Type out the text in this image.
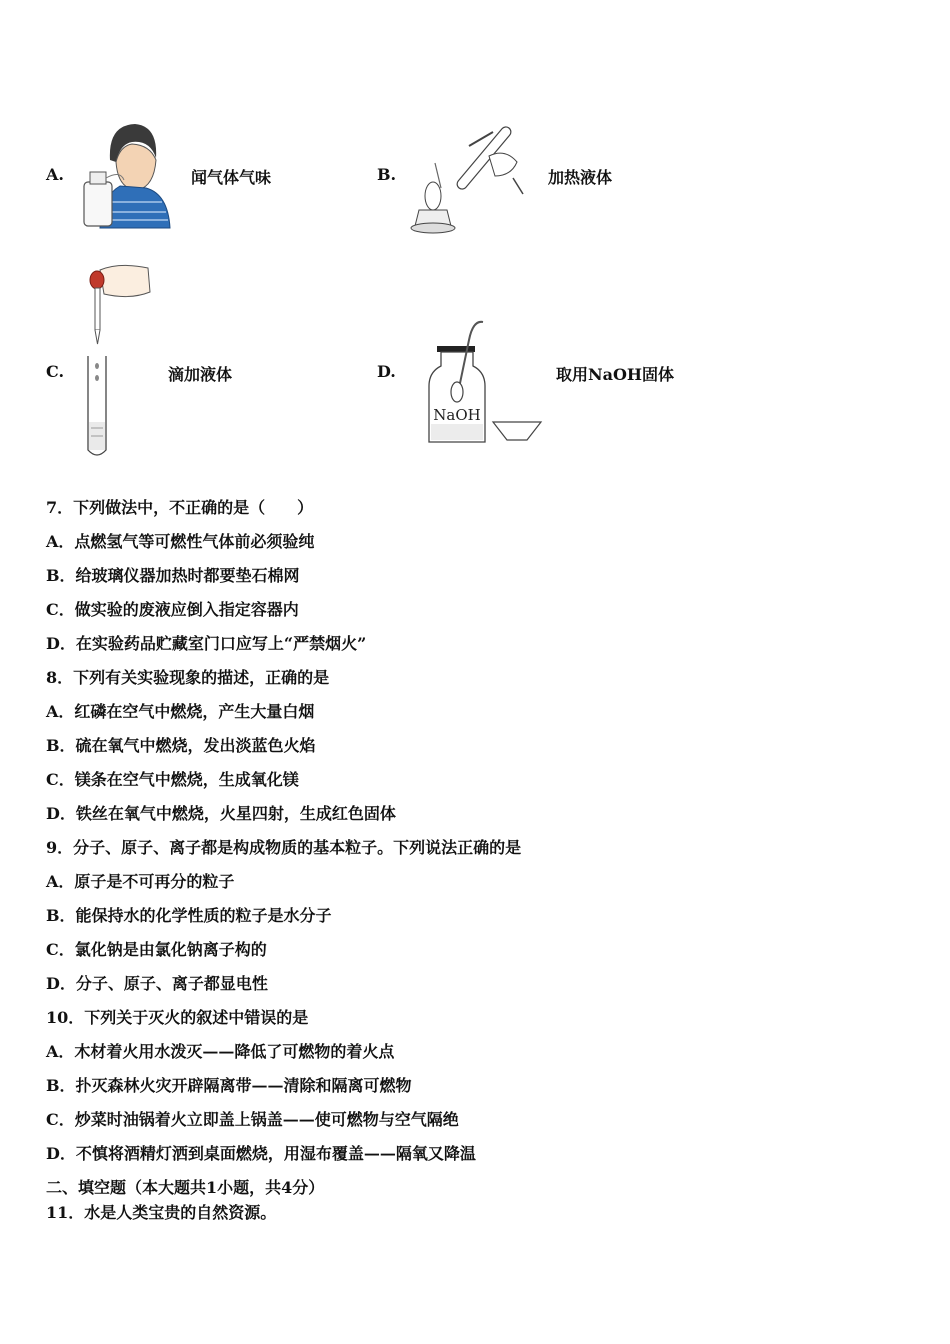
A.	闻气体气味	B.	加热液体
C.	滴加液体	D.
NaOH
取用NaOH固体
7．下列做法中，不正确的是（　　）
A．点燃氢气等可燃性气体前必须验纯
B．给玻璃仪器加热时都要垫石棉网
C．做实验的废液应倒入指定容器内
D．在实验药品贮藏室门口应写上“严禁烟火”
8．下列有关实验现象的描述，正确的是
A．红磷在空气中燃烧，产生大量白烟
B．硫在氧气中燃烧，发出淡蓝色火焰
C．镁条在空气中燃烧，生成氧化镁
D．铁丝在氧气中燃烧，火星四射，生成红色固体
9．分子、原子、离子都是构成物质的基本粒子。下列说法正确的是
A．原子是不可再分的粒子
B．能保持水的化学性质的粒子是水分子
C．氯化钠是由氯化钠离子构的
D．分子、原子、离子都显电性
10．下列关于灭火的叙述中错误的是
A．木材着火用水泼灭——降低了可燃物的着火点
B．扑灭森林火灾开辟隔离带——清除和隔离可燃物
C．炒菜时油锅着火立即盖上锅盖——使可燃物与空气隔绝
D．不慎将酒精灯洒到桌面燃烧，用湿布覆盖——隔氧又降温
二、填空题（本大题共1小题，共4分）
11．水是人类宝贵的自然资源。
